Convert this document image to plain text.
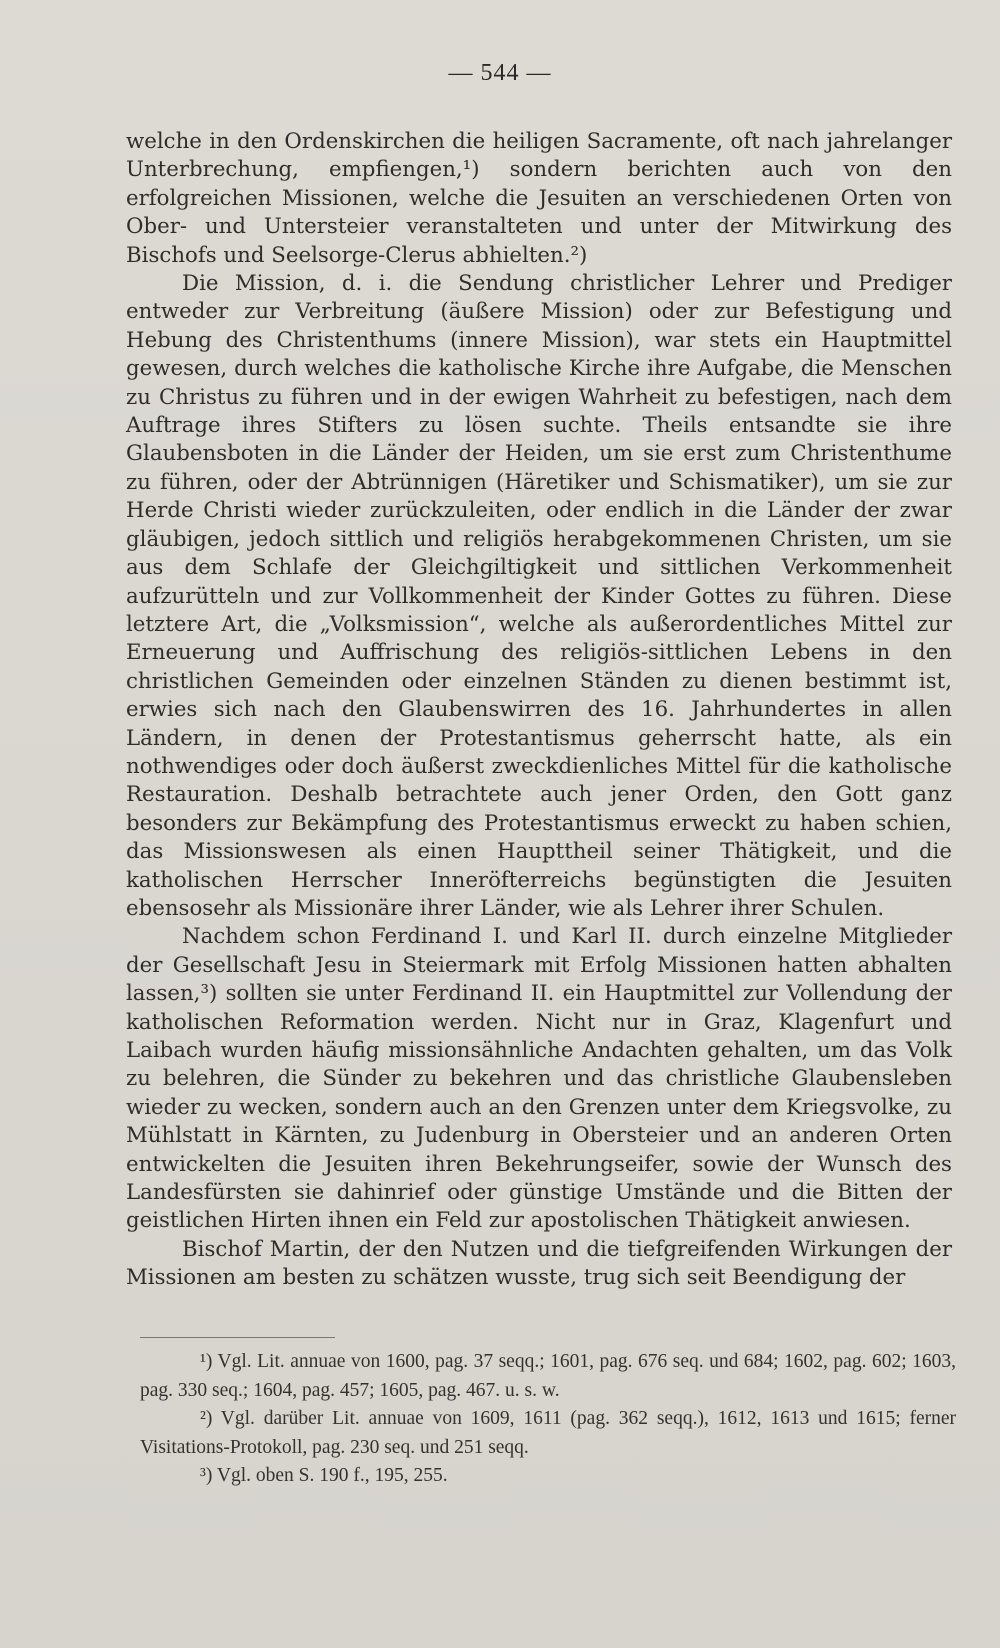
— 544 —

welche in den Ordenskirchen die heiligen Sacramente, oft nach jahrelanger Unterbrechung, empfiengen,¹) sondern berichten auch von den erfolgreichen Missionen, welche die Jesuiten an verschiedenen Orten von Ober- und Untersteier veranstalteten und unter der Mitwirkung des Bischofs und Seelsorge-Clerus abhielten.²)

Die Mission, d. i. die Sendung christlicher Lehrer und Prediger entweder zur Verbreitung (äußere Mission) oder zur Befestigung und Hebung des Christenthums (innere Mission), war stets ein Hauptmittel gewesen, durch welches die katholische Kirche ihre Aufgabe, die Menschen zu Christus zu führen und in der ewigen Wahrheit zu befestigen, nach dem Auftrage ihres Stifters zu lösen suchte. Theils entsandte sie ihre Glaubensboten in die Länder der Heiden, um sie erst zum Christenthume zu führen, oder der Abtrünnigen (Häretiker und Schismatiker), um sie zur Herde Christi wieder zurückzuleiten, oder endlich in die Länder der zwar gläubigen, jedoch sittlich und religiös herabgekommenen Christen, um sie aus dem Schlafe der Gleichgiltigkeit und sittlichen Verkommenheit aufzurütteln und zur Vollkommenheit der Kinder Gottes zu führen. Diese letztere Art, die „Volksmission“, welche als außerordentliches Mittel zur Erneuerung und Auffrischung des religiös-sittlichen Lebens in den christlichen Gemeinden oder einzelnen Ständen zu dienen bestimmt ist, erwies sich nach den Glaubenswirren des 16. Jahrhundertes in allen Ländern, in denen der Protestantismus geherrscht hatte, als ein nothwendiges oder doch äußerst zweckdienliches Mittel für die katholische Restauration. Deshalb betrachtete auch jener Orden, den Gott ganz besonders zur Bekämpfung des Protestantismus erweckt zu haben schien, das Missionswesen als einen Haupttheil seiner Thätigkeit, und die katholischen Herrscher Inneröfterreichs begünstigten die Jesuiten ebensosehr als Missionäre ihrer Länder, wie als Lehrer ihrer Schulen.

Nachdem schon Ferdinand I. und Karl II. durch einzelne Mitglieder der Gesellschaft Jesu in Steiermark mit Erfolg Missionen hatten abhalten lassen,³) sollten sie unter Ferdinand II. ein Hauptmittel zur Vollendung der katholischen Reformation werden. Nicht nur in Graz, Klagenfurt und Laibach wurden häufig missionsähnliche Andachten gehalten, um das Volk zu belehren, die Sünder zu bekehren und das christliche Glaubensleben wieder zu wecken, sondern auch an den Grenzen unter dem Kriegsvolke, zu Mühlstatt in Kärnten, zu Judenburg in Obersteier und an anderen Orten entwickelten die Jesuiten ihren Bekehrungseifer, sowie der Wunsch des Landesfürsten sie dahinrief oder günstige Umstände und die Bitten der geistlichen Hirten ihnen ein Feld zur apostolischen Thätigkeit anwiesen.

Bischof Martin, der den Nutzen und die tiefgreifenden Wirkungen der Missionen am besten zu schätzen wusste, trug sich seit Beendigung der

¹) Vgl. Lit. annuae von 1600, pag. 37 seqq.; 1601, pag. 676 seq. und 684; 1602, pag. 602; 1603, pag. 330 seq.; 1604, pag. 457; 1605, pag. 467. u. s. w.

²) Vgl. darüber Lit. annuae von 1609, 1611 (pag. 362 seqq.), 1612, 1613 und 1615; ferner Visitations-Protokoll, pag. 230 seq. und 251 seqq.

³) Vgl. oben S. 190 f., 195, 255.
